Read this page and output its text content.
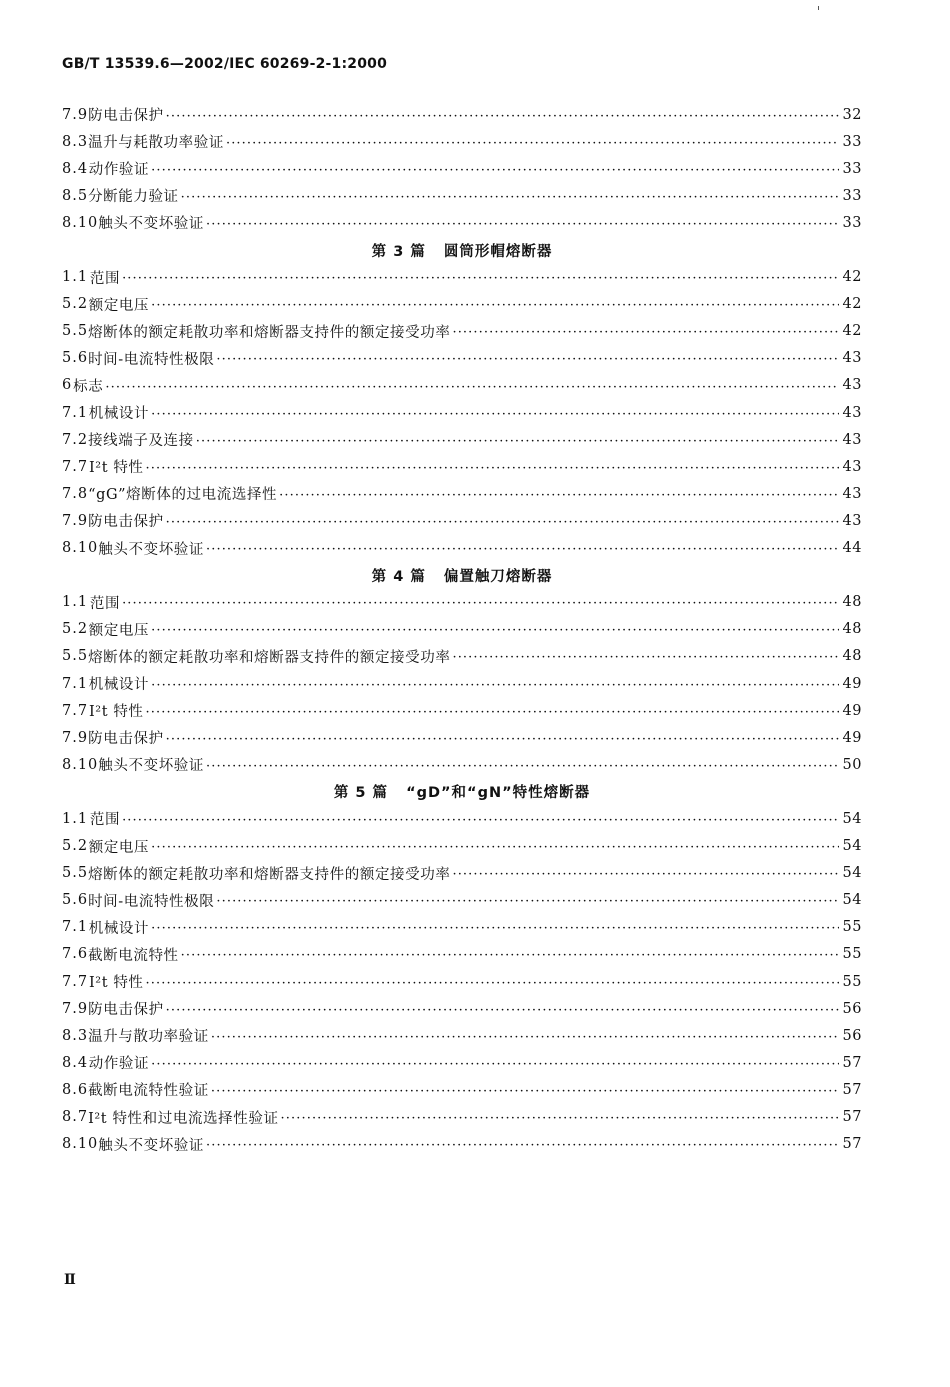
GB/T 13539.6—2002/IEC 60269-2-1:2000
7.9 防电击保护 ·····	32
8.3 温升与耗散功率验证 ·····	33
8.4 动作验证 ·····	33
8.5 分断能力验证 ·····	33
8.10 触头不变坏验证 ·····	33
第 3 篇 圆筒形帽熔断器
1.1 范围 ·····	42
5.2 额定电压 ·····	42
5.5 熔断体的额定耗散功率和熔断器支持件的额定接受功率 ·····	42
5.6 时间-电流特性极限 ·····	43
6 标志 ·····	43
7.1 机械设计 ·····	43
7.2 接线端子及连接 ·····	43
7.7 I²t 特性 ·····	43
7.8 “gG”熔断体的过电流选择性 ·····	43
7.9 防电击保护 ·····	43
8.10 触头不变坏验证 ·····	44
第 4 篇 偏置触刀熔断器
1.1 范围 ·····	48
5.2 额定电压 ·····	48
5.5 熔断体的额定耗散功率和熔断器支持件的额定接受功率 ·····	48
7.1 机械设计 ·····	49
7.7 I²t 特性 ·····	49
7.9 防电击保护 ·····	49
8.10 触头不变坏验证 ·····	50
第 5 篇 “gD”和“gN”特性熔断器
1.1 范围 ·····	54
5.2 额定电压 ·····	54
5.5 熔断体的额定耗散功率和熔断器支持件的额定接受功率 ·····	54
5.6 时间-电流特性极限 ·····	54
7.1 机械设计 ·····	55
7.6 截断电流特性 ·····	55
7.7 I²t 特性 ·····	55
7.9 防电击保护 ·····	56
8.3 温升与散功率验证 ·····	56
8.4 动作验证 ·····	57
8.6 截断电流特性验证 ·····	57
8.7 I²t 特性和过电流选择性验证 ·····	57
8.10 触头不变坏验证 ·····	57
Ⅱ
